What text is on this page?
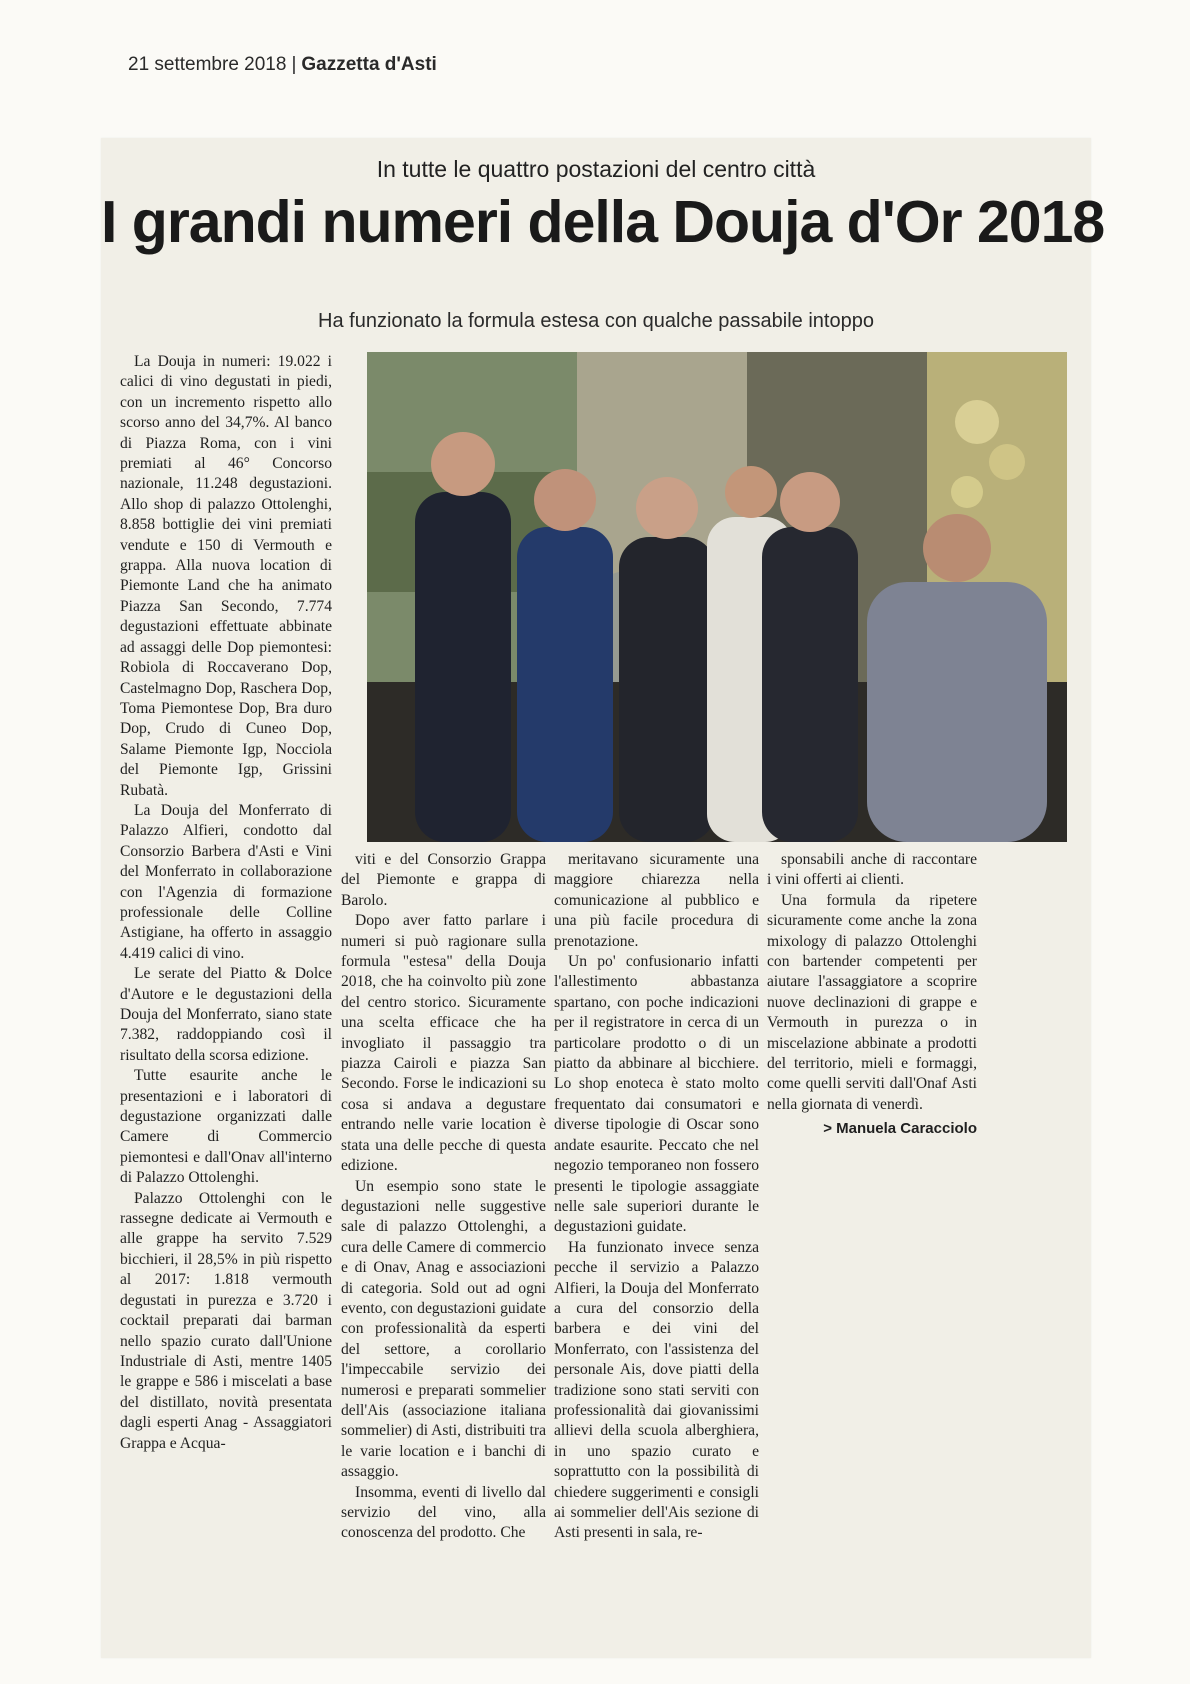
21 settembre 2018 | Gazzetta d'Asti
In tutte le quattro postazioni del centro città
I grandi numeri della Douja d'Or 2018
Ha funzionato la formula estesa con qualche passabile intoppo

La Douja in numeri: 19.022 i calici di vino degustati in piedi, con un incremento rispetto allo scorso anno del 34,7%. Al banco di Piazza Roma, con i vini premiati al 46° Concorso nazionale, 11.248 degustazioni. Allo shop di palazzo Ottolenghi, 8.858 bottiglie dei vini premiati vendute e 150 di Vermouth e grappa. Alla nuova location di Piemonte Land che ha animato Piazza San Secondo, 7.774 degustazioni effettuate abbinate ad assaggi delle Dop piemontesi: Robiola di Roccaverano Dop, Castelmagno Dop, Raschera Dop, Toma Piemontese Dop, Bra duro Dop, Crudo di Cuneo Dop, Salame Piemonte Igp, Nocciola del Piemonte Igp, Grissini Rubatà.

La Douja del Monferrato di Palazzo Alfieri, condotto dal Consorzio Barbera d'Asti e Vini del Monferrato in collaborazione con l'Agenzia di formazione professionale delle Colline Astigiane, ha offerto in assaggio 4.419 calici di vino.

Le serate del Piatto & Dolce d'Autore e le degustazioni della Douja del Monferrato, siano state 7.382, raddoppiando così il risultato della scorsa edizione.

Tutte esaurite anche le presentazioni e i laboratori di degustazione organizzati dalle Camere di Commercio piemontesi e dall'Onav all'interno di Palazzo Ottolenghi.

Palazzo Ottolenghi con le rassegne dedicate ai Vermouth e alle grappe ha servito 7.529 bicchieri, il 28,5% in più rispetto al 2017: 1.818 vermouth degustati in purezza e 3.720 i cocktail preparati dai barman nello spazio curato dall'Unione Industriale di Asti, mentre 1405 le grappe e 586 i miscelati a base del distillato, novità presentata dagli esperti Anag - Assaggiatori Grappa e Acqua-

viti e del Consorzio Grappa del Piemonte e grappa di Barolo.

Dopo aver fatto parlare i numeri si può ragionare sulla formula "estesa" della Douja 2018, che ha coinvolto più zone del centro storico. Sicuramente una scelta efficace che ha invogliato il passaggio tra piazza Cairoli e piazza San Secondo. Forse le indicazioni su cosa si andava a degustare entrando nelle varie location è stata una delle pecche di questa edizione.

Un esempio sono state le degustazioni nelle suggestive sale di palazzo Ottolenghi, a cura delle Camere di commercio e di Onav, Anag e associazioni di categoria. Sold out ad ogni evento, con degustazioni guidate con professionalità da esperti del settore, a corollario l'impeccabile servizio dei numerosi e preparati sommelier dell'Ais (associazione italiana sommelier) di Asti, distribuiti tra le varie location e i banchi di assaggio.

Insomma, eventi di livello dal servizio del vino, alla conoscenza del prodotto. Che

meritavano sicuramente una maggiore chiarezza nella comunicazione al pubblico e una più facile procedura di prenotazione.

Un po' confusionario infatti l'allestimento abbastanza spartano, con poche indicazioni per il registratore in cerca di un particolare prodotto o di un piatto da abbinare al bicchiere. Lo shop enoteca è stato molto frequentato dai consumatori e diverse tipologie di Oscar sono andate esaurite. Peccato che nel negozio temporaneo non fossero presenti le tipologie assaggiate nelle sale superiori durante le degustazioni guidate.

Ha funzionato invece senza pecche il servizio a Palazzo Alfieri, la Douja del Monferrato a cura del consorzio della barbera e dei vini del Monferrato, con l'assistenza del personale Ais, dove piatti della tradizione sono stati serviti con professionalità dai giovanissimi allievi della scuola alberghiera, in uno spazio curato e soprattutto con la possibilità di chiedere suggerimenti e consigli ai sommelier dell'Ais sezione di Asti presenti in sala, re-

sponsabili anche di raccontare i vini offerti ai clienti.

Una formula da ripetere sicuramente come anche la zona mixology di palazzo Ottolenghi con bartender competenti per aiutare l'assaggiatore a scoprire nuove declinazioni di grappe e Vermouth in purezza o in miscelazione abbinate a prodotti del territorio, mieli e formaggi, come quelli serviti dall'Onaf Asti nella giornata di venerdì.

> Manuela Caracciolo
